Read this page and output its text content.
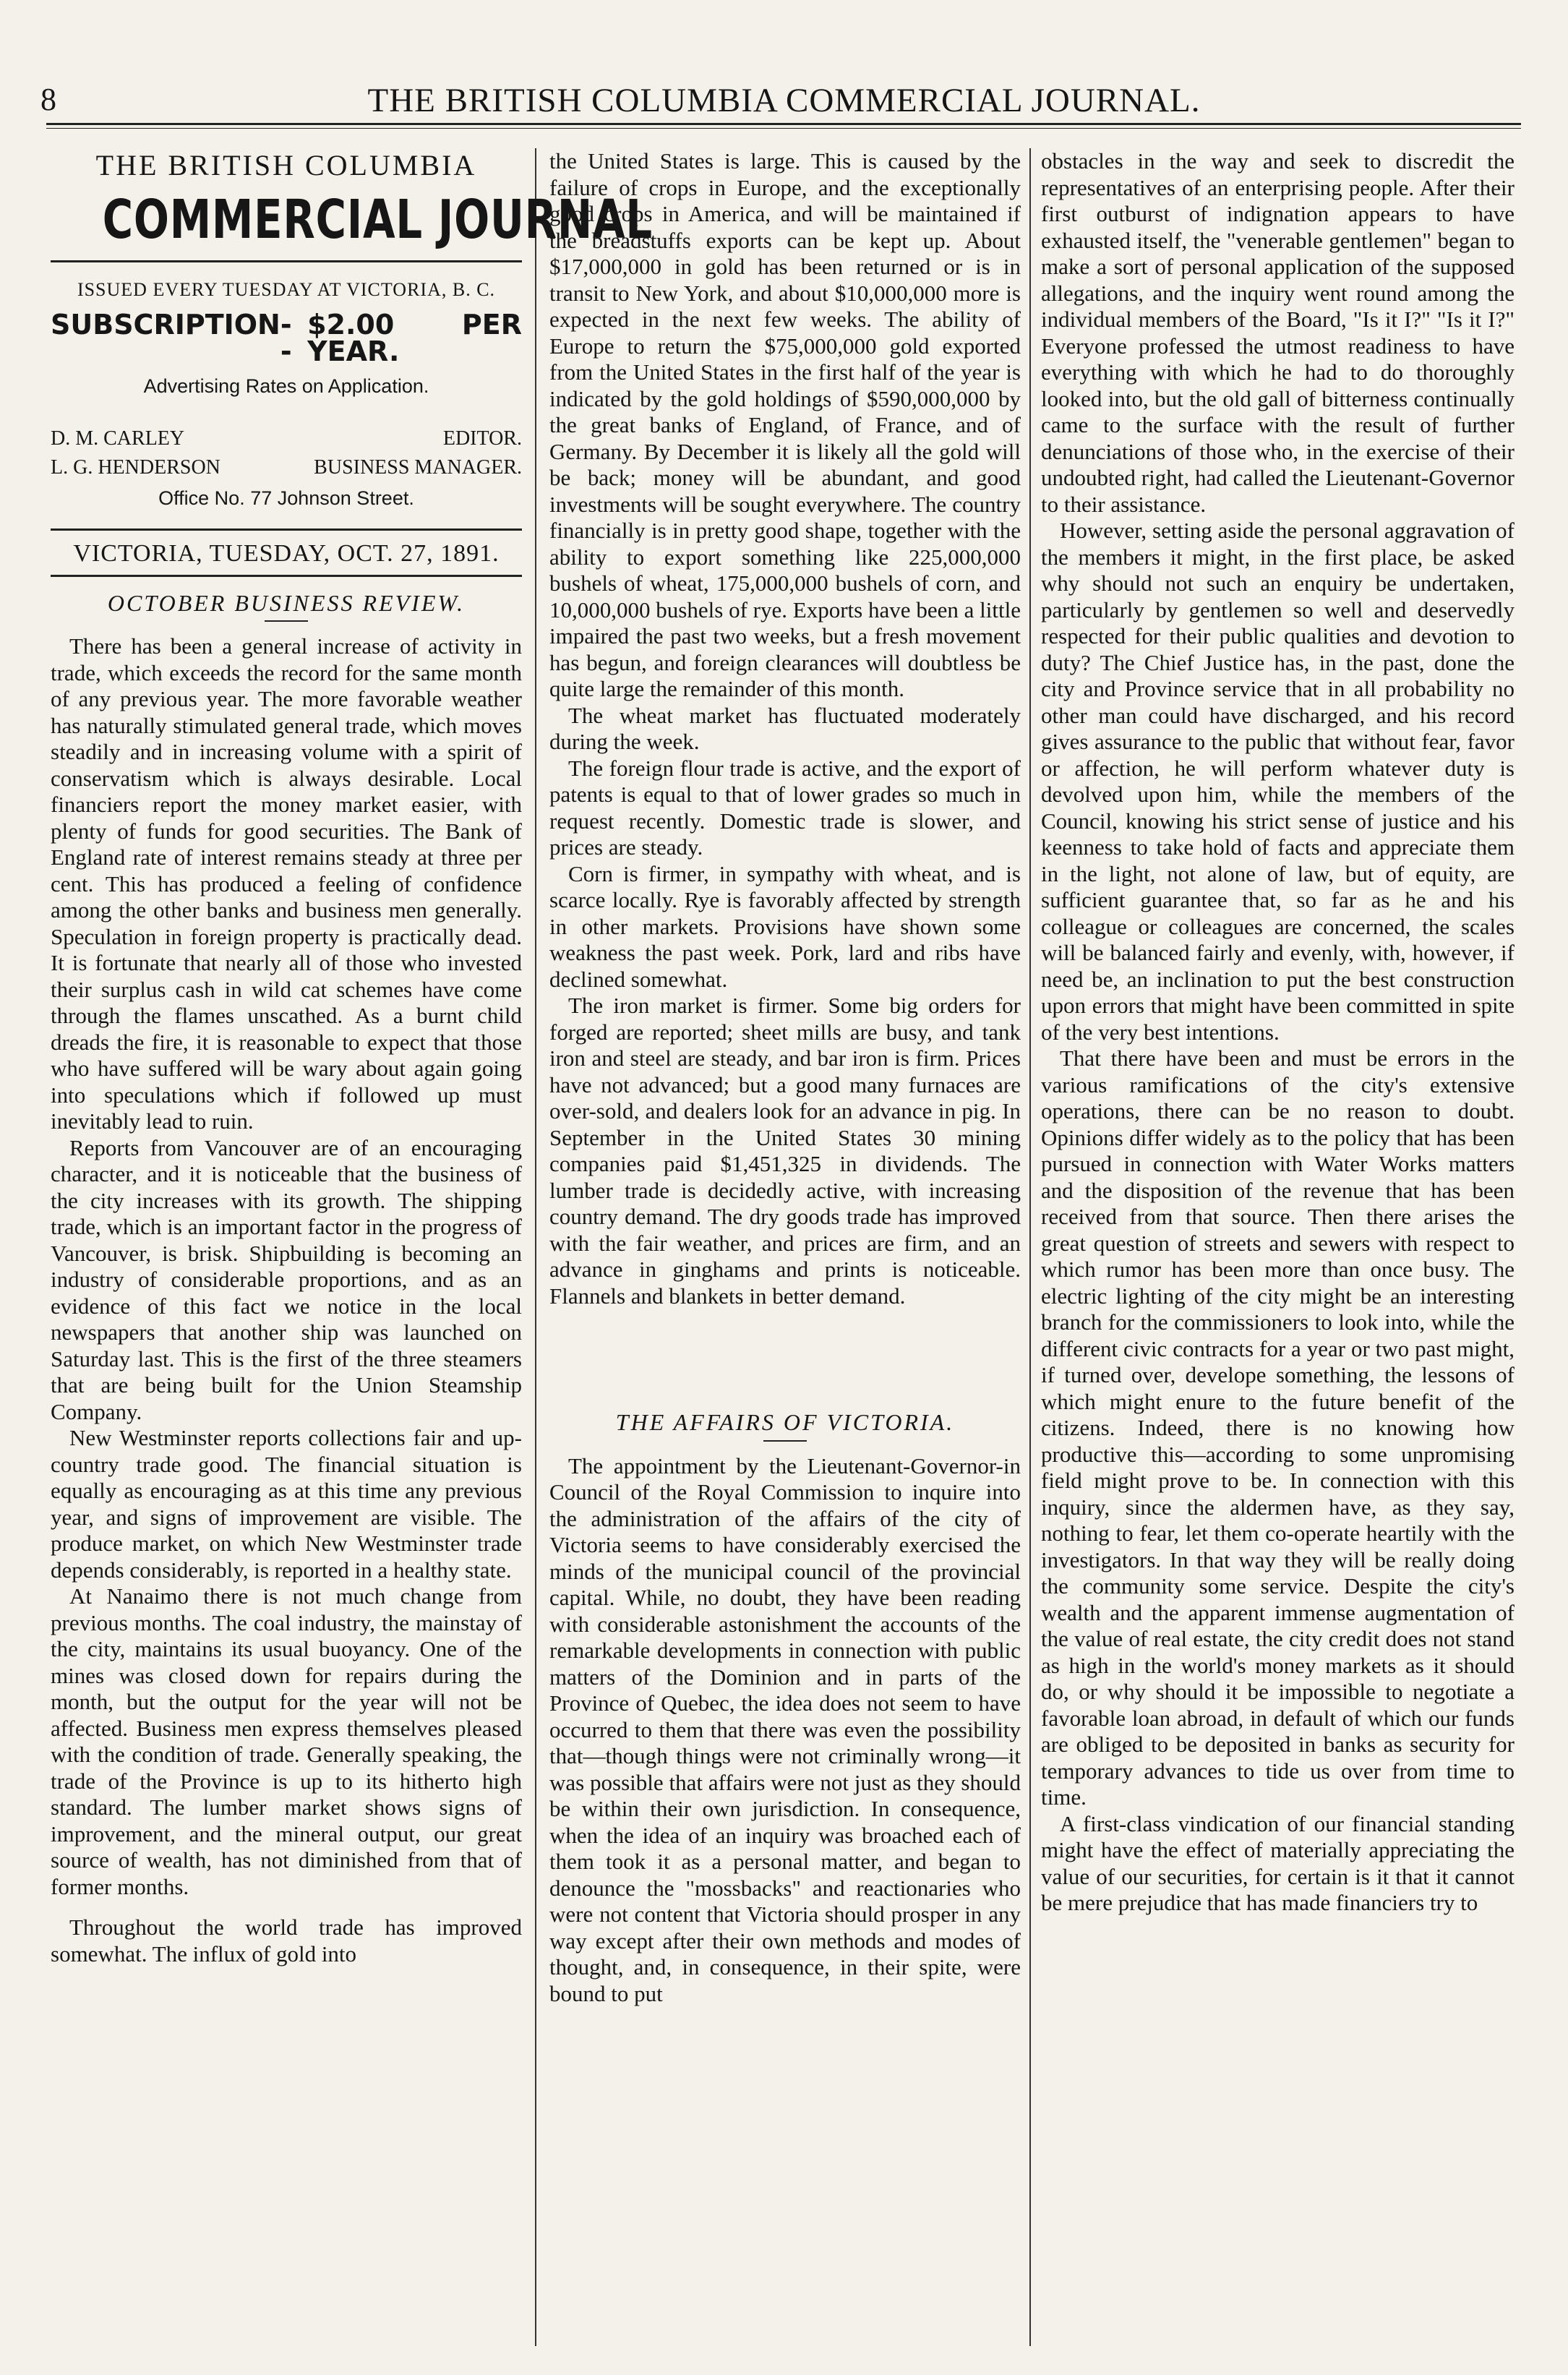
8	THE BRITISH COLUMBIA COMMERCIAL JOURNAL.
THE BRITISH COLUMBIA
COMMERCIAL JOURNAL
ISSUED EVERY TUESDAY AT VICTORIA, B. C.
SUBSCRIPTION - -
$2.00 PER YEAR.
Advertising Rates on Application.
D. M. CARLEY	EDITOR.
L. G. HENDERSON	BUSINESS MANAGER.
Office No. 77 Johnson Street.
VICTORIA, TUESDAY, OCT. 27, 1891.
OCTOBER BUSINESS REVIEW.

There has been a general increase of activity in trade, which exceeds the record for the same month of any previous year. The more favorable weather has naturally stimulated general trade, which moves steadily and in increasing volume with a spirit of conservatism which is always desirable. Local financiers report the money market easier, with plenty of funds for good securities. The Bank of England rate of interest remains steady at three per cent. This has produced a feeling of confidence among the other banks and business men generally. Speculation in foreign property is practically dead. It is fortunate that nearly all of those who invested their surplus cash in wild cat schemes have come through the flames unscathed. As a burnt child dreads the fire, it is reasonable to expect that those who have suffered will be wary about again going into speculations which if followed up must inevitably lead to ruin.

Reports from Vancouver are of an encouraging character, and it is noticeable that the business of the city increases with its growth. The shipping trade, which is an important factor in the progress of Vancouver, is brisk. Shipbuilding is becoming an industry of considerable proportions, and as an evidence of this fact we notice in the local newspapers that another ship was launched on Saturday last. This is the first of the three steamers that are being built for the Union Steamship Company.

New Westminster reports collections fair and up-country trade good. The financial situation is equally as encouraging as at this time any previous year, and signs of improvement are visible. The produce market, on which New Westminster trade depends considerably, is reported in a healthy state.

At Nanaimo there is not much change from previous months. The coal industry, the mainstay of the city, maintains its usual buoyancy. One of the mines was closed down for repairs during the month, but the output for the year will not be affected. Business men express themselves pleased with the condition of trade. Generally speaking, the trade of the Province is up to its hitherto high standard. The lumber market shows signs of improvement, and the mineral output, our great source of wealth, has not diminished from that of former months.

Throughout the world trade has improved somewhat. The influx of gold into

the United States is large. This is caused by the failure of crops in Europe, and the exceptionally good crops in America, and will be maintained if the breadstuffs exports can be kept up. About $17,000,000 in gold has been returned or is in transit to New York, and about $10,000,000 more is expected in the next few weeks. The ability of Europe to return the $75,000,000 gold exported from the United States in the first half of the year is indicated by the gold holdings of $590,000,000 by the great banks of England, of France, and of Germany. By December it is likely all the gold will be back; money will be abundant, and good investments will be sought everywhere. The country financially is in pretty good shape, together with the ability to export something like 225,000,000 bushels of wheat, 175,000,000 bushels of corn, and 10,000,000 bushels of rye. Exports have been a little impaired the past two weeks, but a fresh movement has begun, and foreign clearances will doubtless be quite large the remainder of this month.

The wheat market has fluctuated moderately during the week.

The foreign flour trade is active, and the export of patents is equal to that of lower grades so much in request recently. Domestic trade is slower, and prices are steady.

Corn is firmer, in sympathy with wheat, and is scarce locally. Rye is favorably affected by strength in other markets. Provisions have shown some weakness the past week. Pork, lard and ribs have declined somewhat.

The iron market is firmer. Some big orders for forged are reported; sheet mills are busy, and tank iron and steel are steady, and bar iron is firm. Prices have not advanced; but a good many furnaces are over-sold, and dealers look for an advance in pig. In September in the United States 30 mining companies paid $1,451,325 in dividends. The lumber trade is decidedly active, with increasing country demand. The dry goods trade has improved with the fair weather, and prices are firm, and an advance in ginghams and prints is noticeable. Flannels and blankets in better demand.

THE AFFAIRS OF VICTORIA.

The appointment by the Lieutenant-Governor-in Council of the Royal Commission to inquire into the administration of the affairs of the city of Victoria seems to have considerably exercised the minds of the municipal council of the provincial capital. While, no doubt, they have been reading with considerable astonishment the accounts of the remarkable developments in connection with public matters of the Dominion and in parts of the Province of Quebec, the idea does not seem to have occurred to them that there was even the possibility that—though things were not criminally wrong—it was possible that affairs were not just as they should be within their own jurisdiction. In consequence, when the idea of an inquiry was broached each of them took it as a personal matter, and began to denounce the "mossbacks" and reactionaries who were not content that Victoria should prosper in any way except after their own methods and modes of thought, and, in consequence, in their spite, were bound to put

obstacles in the way and seek to discredit the representatives of an enterprising people. After their first outburst of indignation appears to have exhausted itself, the "venerable gentlemen" began to make a sort of personal application of the supposed allegations, and the inquiry went round among the individual members of the Board, "Is it I?" "Is it I?" Everyone professed the utmost readiness to have everything with which he had to do thoroughly looked into, but the old gall of bitterness continually came to the surface with the result of further denunciations of those who, in the exercise of their undoubted right, had called the Lieutenant-Governor to their assistance.

However, setting aside the personal aggravation of the members it might, in the first place, be asked why should not such an enquiry be undertaken, particularly by gentlemen so well and deservedly respected for their public qualities and devotion to duty? The Chief Justice has, in the past, done the city and Province service that in all probability no other man could have discharged, and his record gives assurance to the public that without fear, favor or affection, he will perform whatever duty is devolved upon him, while the members of the Council, knowing his strict sense of justice and his keenness to take hold of facts and appreciate them in the light, not alone of law, but of equity, are sufficient guarantee that, so far as he and his colleague or colleagues are concerned, the scales will be balanced fairly and evenly, with, however, if need be, an inclination to put the best construction upon errors that might have been committed in spite of the very best intentions.

That there have been and must be errors in the various ramifications of the city's extensive operations, there can be no reason to doubt. Opinions differ widely as to the policy that has been pursued in connection with Water Works matters and the disposition of the revenue that has been received from that source. Then there arises the great question of streets and sewers with respect to which rumor has been more than once busy. The electric lighting of the city might be an interesting branch for the commissioners to look into, while the different civic contracts for a year or two past might, if turned over, develope something, the lessons of which might enure to the future benefit of the citizens. Indeed, there is no knowing how productive this—according to some unpromising field might prove to be. In connection with this inquiry, since the aldermen have, as they say, nothing to fear, let them co-operate heartily with the investigators. In that way they will be really doing the community some service. Despite the city's wealth and the apparent immense augmentation of the value of real estate, the city credit does not stand as high in the world's money markets as it should do, or why should it be impossible to negotiate a favorable loan abroad, in default of which our funds are obliged to be deposited in banks as security for temporary advances to tide us over from time to time.

A first-class vindication of our financial standing might have the effect of materially appreciating the value of our securities, for certain is it that it cannot be mere prejudice that has made financiers try to
